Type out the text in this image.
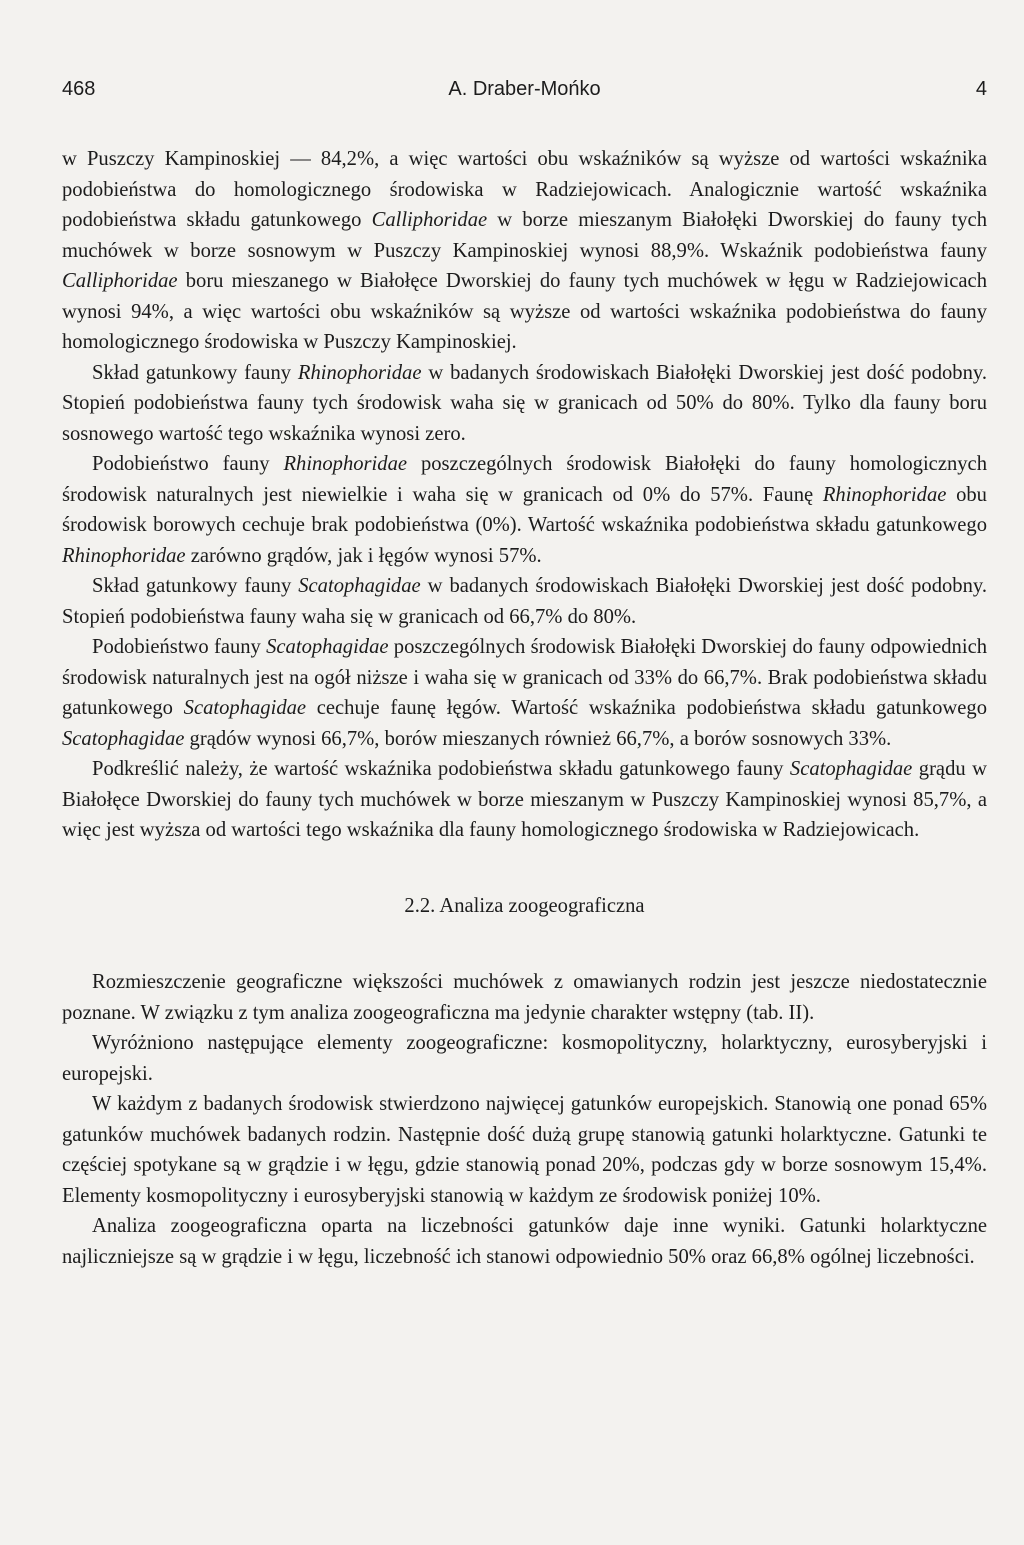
468	A. Draber-Mońko	4

w Puszczy Kampinoskiej — 84,2%, a więc wartości obu wskaźników są wyższe od wartości wskaźnika podobieństwa do homologicznego środowiska w Radziejowicach. Analogicznie wartość wskaźnika podobieństwa składu gatunkowego Calliphoridae w borze mieszanym Białołęki Dworskiej do fauny tych muchówek w borze sosnowym w Puszczy Kampinoskiej wynosi 88,9%. Wskaźnik podobieństwa fauny Calliphoridae boru mieszanego w Białołęce Dworskiej do fauny tych muchówek w łęgu w Radziejowicach wynosi 94%, a więc wartości obu wskaźników są wyższe od wartości wskaźnika podobieństwa do fauny homologicznego środowiska w Puszczy Kampinoskiej.

Skład gatunkowy fauny Rhinophoridae w badanych środowiskach Białołęki Dworskiej jest dość podobny. Stopień podobieństwa fauny tych środowisk waha się w granicach od 50% do 80%. Tylko dla fauny boru sosnowego wartość tego wskaźnika wynosi zero.

Podobieństwo fauny Rhinophoridae poszczególnych środowisk Białołęki do fauny homologicznych środowisk naturalnych jest niewielkie i waha się w granicach od 0% do 57%. Faunę Rhinophoridae obu środowisk borowych cechuje brak podobieństwa (0%). Wartość wskaźnika podobieństwa składu gatunkowego Rhinophoridae zarówno grądów, jak i łęgów wynosi 57%.

Skład gatunkowy fauny Scatophagidae w badanych środowiskach Białołęki Dworskiej jest dość podobny. Stopień podobieństwa fauny waha się w granicach od 66,7% do 80%.

Podobieństwo fauny Scatophagidae poszczególnych środowisk Białołęki Dworskiej do fauny odpowiednich środowisk naturalnych jest na ogół niższe i waha się w granicach od 33% do 66,7%. Brak podobieństwa składu gatunkowego Scatophagidae cechuje faunę łęgów. Wartość wskaźnika podobieństwa składu gatunkowego Scatophagidae grądów wynosi 66,7%, borów mieszanych również 66,7%, a borów sosnowych 33%.

Podkreślić należy, że wartość wskaźnika podobieństwa składu gatunkowego fauny Scatophagidae grądu w Białołęce Dworskiej do fauny tych muchówek w borze mieszanym w Puszczy Kampinoskiej wynosi 85,7%, a więc jest wyższa od wartości tego wskaźnika dla fauny homologicznego środowiska w Radziejowicach.

2.2. Analiza zoogeograficzna

Rozmieszczenie geograficzne większości muchówek z omawianych rodzin jest jeszcze niedostatecznie poznane. W związku z tym analiza zoogeograficzna ma jedynie charakter wstępny (tab. II).

Wyróżniono następujące elementy zoogeograficzne: kosmopolityczny, holarktyczny, eurosyberyjski i europejski.

W każdym z badanych środowisk stwierdzono najwięcej gatunków europejskich. Stanowią one ponad 65% gatunków muchówek badanych rodzin. Następnie dość dużą grupę stanowią gatunki holarktyczne. Gatunki te częściej spotykane są w grądzie i w łęgu, gdzie stanowią ponad 20%, podczas gdy w borze sosnowym 15,4%. Elementy kosmopolityczny i eurosyberyjski stanowią w każdym ze środowisk poniżej 10%.

Analiza zoogeograficzna oparta na liczebności gatunków daje inne wyniki. Gatunki holarktyczne najliczniejsze są w grądzie i w łęgu, liczebność ich stanowi odpowiednio 50% oraz 66,8% ogólnej liczebności.
